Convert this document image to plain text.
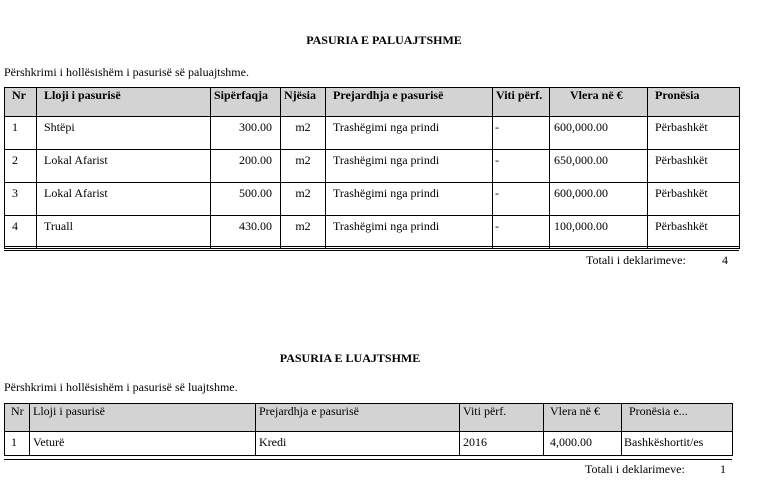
PASURIA E PALUAJTSHME
Përshkrimi i hollësishëm i pasurisë së paluajtshme.
Nr	Lloji i pasurisë	Sipërfaqja	Njësia	Prejardhja e pasurisë	Viti përf.	Vlera në €	Pronësia
1	Shtëpi	300.00	m2	Trashëgimi nga prindi	-	600,000.00	Përbashkët
2	Lokal Afarist	200.00	m2	Trashëgimi nga prindi	-	650,000.00	Përbashkët
3	Lokal Afarist	500.00	m2	Trashëgimi nga prindi	-	600,000.00	Përbashkët
4	Truall	430.00	m2	Trashëgimi nga prindi	-	100,000.00	Përbashkët
Totali i deklarimeve:	4
PASURIA E LUAJTSHME
Përshkrimi i hollësishëm i pasurisë së luajtshme.
Nr	Lloji i pasurisë	Prejardhja e pasurisë	Viti përf.	Vlera në €	Pronësia e...
1	Veturë	Kredi	2016	4,000.00	Bashkëshortit/es
Totali i deklarimeve:	1
